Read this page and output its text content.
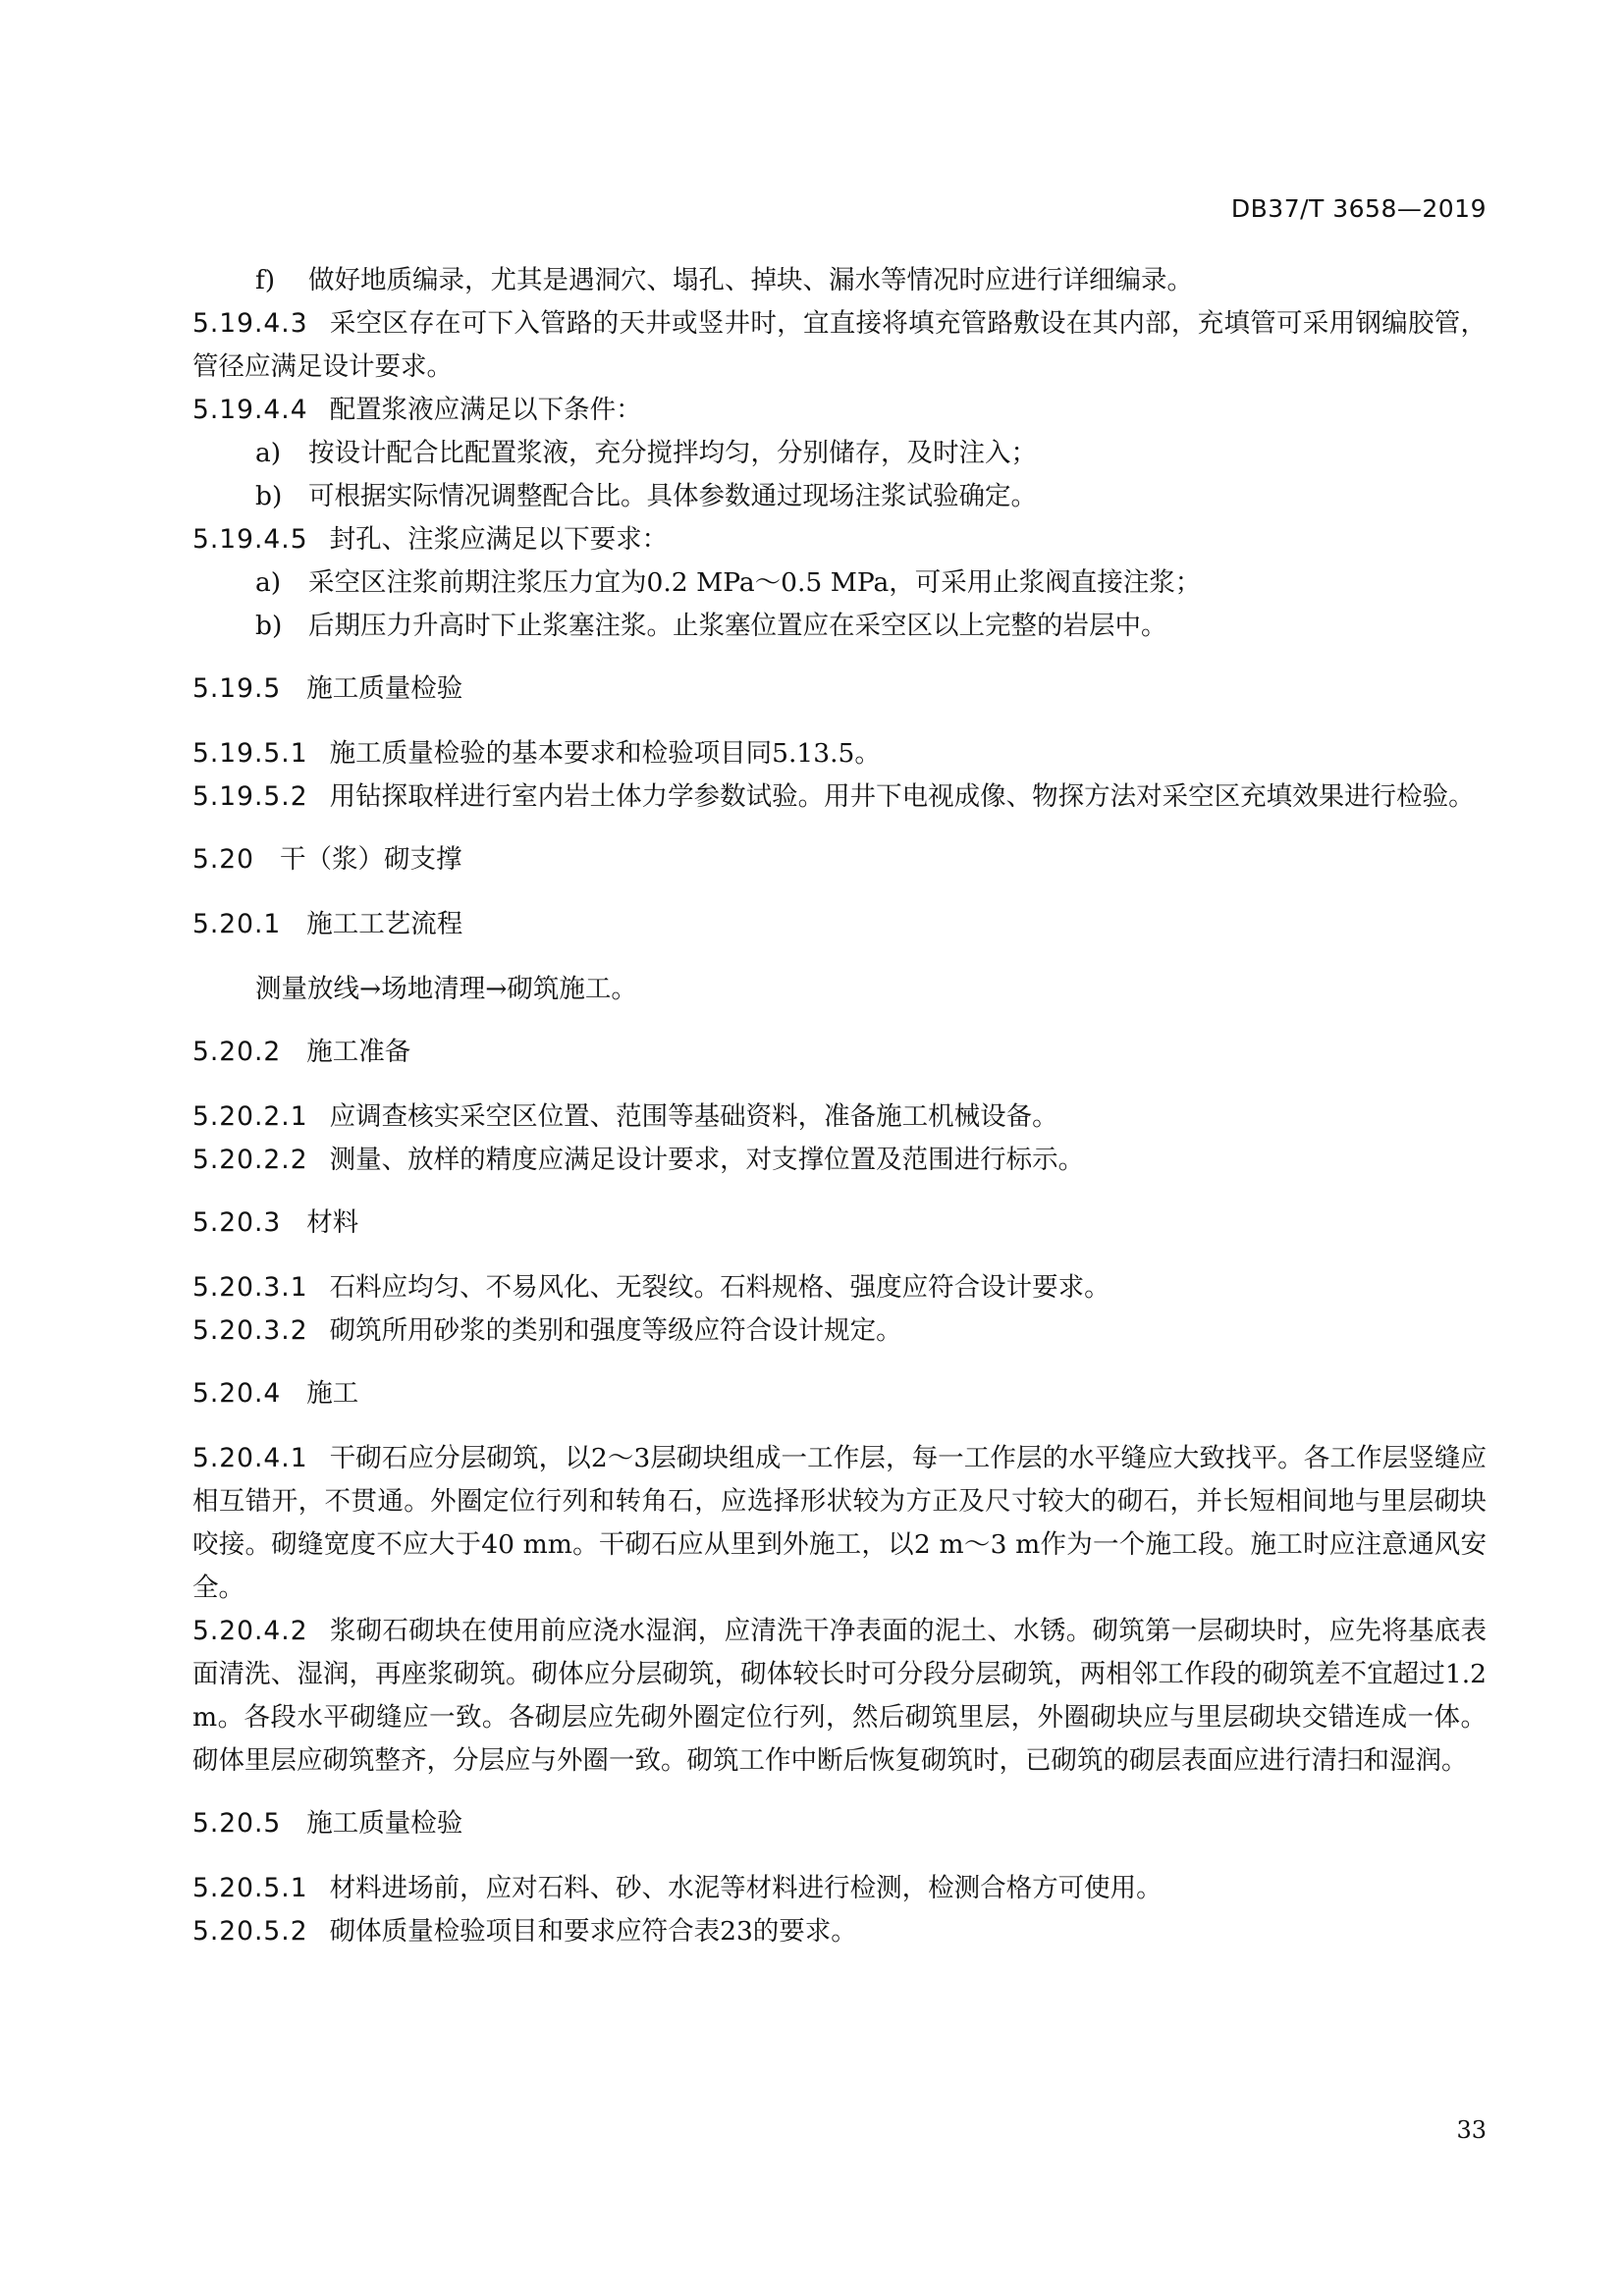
DB37/T 3658—2019

f) 做好地质编录，尤其是遇洞穴、塌孔、掉块、漏水等情况时应进行详细编录。

5.19.4.3 采空区存在可下入管路的天井或竖井时，宜直接将填充管路敷设在其内部，充填管可采用钢编胶管，管径应满足设计要求。

5.19.4.4 配置浆液应满足以下条件：

a) 按设计配合比配置浆液，充分搅拌均匀，分别储存，及时注入；

b) 可根据实际情况调整配合比。具体参数通过现场注浆试验确定。

5.19.4.5 封孔、注浆应满足以下要求：

a) 采空区注浆前期注浆压力宜为0.2 MPa～0.5 MPa，可采用止浆阀直接注浆；

b) 后期压力升高时下止浆塞注浆。止浆塞位置应在采空区以上完整的岩层中。

5.19.5 施工质量检验

5.19.5.1 施工质量检验的基本要求和检验项目同5.13.5。

5.19.5.2 用钻探取样进行室内岩土体力学参数试验。用井下电视成像、物探方法对采空区充填效果进行检验。

5.20 干（浆）砌支撑
5.20.1 施工工艺流程

测量放线→场地清理→砌筑施工。

5.20.2 施工准备

5.20.2.1 应调查核实采空区位置、范围等基础资料，准备施工机械设备。

5.20.2.2 测量、放样的精度应满足设计要求，对支撑位置及范围进行标示。

5.20.3 材料

5.20.3.1 石料应均匀、不易风化、无裂纹。石料规格、强度应符合设计要求。

5.20.3.2 砌筑所用砂浆的类别和强度等级应符合设计规定。

5.20.4 施工

5.20.4.1 干砌石应分层砌筑，以2～3层砌块组成一工作层，每一工作层的水平缝应大致找平。各工作层竖缝应相互错开，不贯通。外圈定位行列和转角石，应选择形状较为方正及尺寸较大的砌石，并长短相间地与里层砌块咬接。砌缝宽度不应大于40 mm。干砌石应从里到外施工，以2 m～3 m作为一个施工段。施工时应注意通风安全。

5.20.4.2 浆砌石砌块在使用前应浇水湿润，应清洗干净表面的泥土、水锈。砌筑第一层砌块时，应先将基底表面清洗、湿润，再座浆砌筑。砌体应分层砌筑，砌体较长时可分段分层砌筑，两相邻工作段的砌筑差不宜超过1.2 m。各段水平砌缝应一致。各砌层应先砌外圈定位行列，然后砌筑里层，外圈砌块应与里层砌块交错连成一体。砌体里层应砌筑整齐，分层应与外圈一致。砌筑工作中断后恢复砌筑时，已砌筑的砌层表面应进行清扫和湿润。

5.20.5 施工质量检验

5.20.5.1 材料进场前，应对石料、砂、水泥等材料进行检测，检测合格方可使用。

5.20.5.2 砌体质量检验项目和要求应符合表23的要求。

33
